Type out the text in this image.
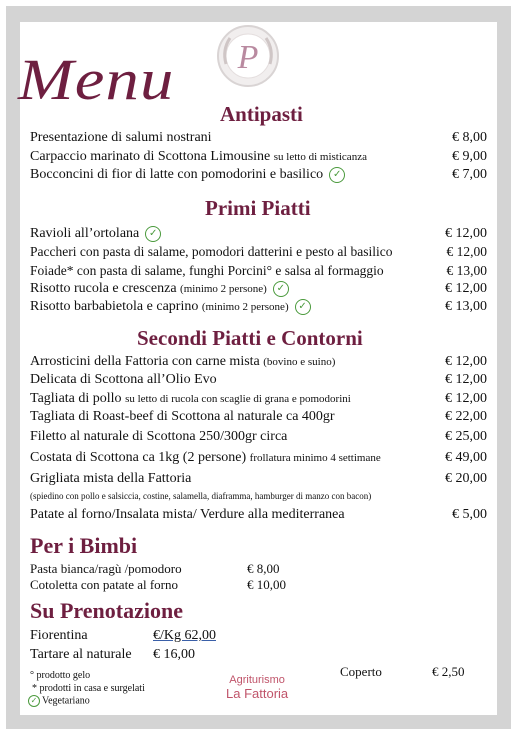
P
Menu
Antipasti
Presentazione di salumi nostrani	€ 8,00
Carpaccio marinato di Scottona Limousine su letto di misticanza	€ 9,00
Bocconcini di fior di latte con pomodorini e basilico ✓	€ 7,00
Primi Piatti
Ravioli all’ortolana ✓	€ 12,00
Paccheri con pasta di salame, pomodori datterini e pesto al basilico	€ 12,00
Foiade* con pasta di salame, funghi Porcini° e salsa al formaggio	€ 13,00
Risotto rucola e crescenza (minimo 2 persone) ✓	€ 12,00
Risotto barbabietola e caprino (minimo 2 persone) ✓	€ 13,00
Secondi Piatti e Contorni
Arrosticini della Fattoria con carne mista (bovino e suino)	€ 12,00
Delicata di Scottona all’Olio Evo	€ 12,00
Tagliata di pollo su letto di rucola con scaglie di grana e pomodorini	€ 12,00
Tagliata di Roast-beef di Scottona al naturale ca 400gr	€ 22,00
Filetto al naturale di Scottona 250/300gr circa	€ 25,00
Costata di Scottona ca 1kg (2 persone) frollatura minimo 4 settimane	€ 49,00
Grigliata mista della Fattoria	€ 20,00
(spiedino con pollo e salsiccia, costine, salamella, diaframma, hamburger di manzo con bacon)
Patate al forno/Insalata mista/ Verdure alla mediterranea	€ 5,00
Per i Bimbi
Pasta bianca/ragù /pomodoro	€ 8,00
Cotoletta con patate al forno	€ 10,00
Su Prenotazione
Fiorentina	€/Kg 62,00
Tartare al naturale € 16,00
Coperto	€ 2,50
° prodotto gelo
* prodotti in casa e surgelati
✓ Vegetariano
Agriturismo
La Fattoria
